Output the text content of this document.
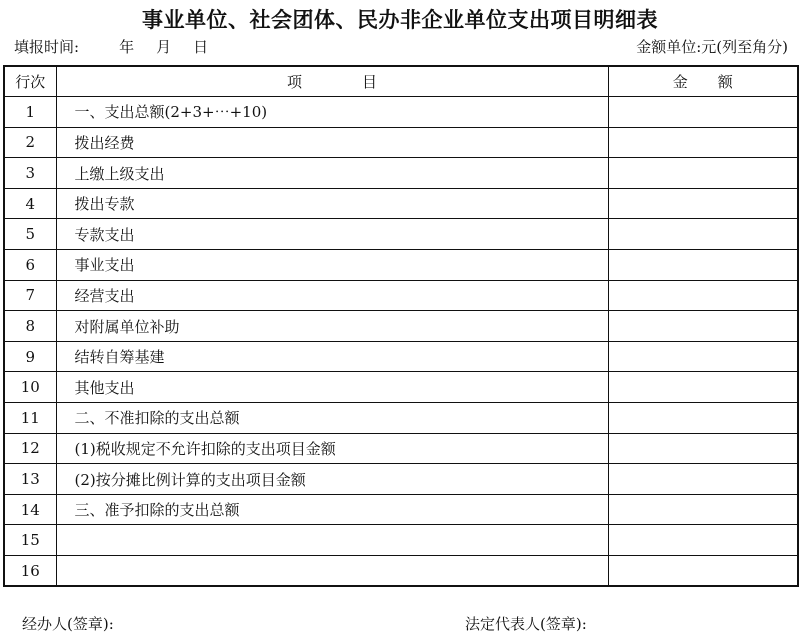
事业单位、社会团体、民办非企业单位支出项目明细表
填报时间:	年 月 日	金额单位:元(列至角分)
行次	项　　　　目	金　　额
1	一、支出总额(2+3+⋯+10)	
2	拨出经费	
3	上缴上级支出	
4	拨出专款	
5	专款支出	
6	事业支出	
7	经营支出	
8	对附属单位补助	
9	结转自筹基建	
10	其他支出	
11	二、不准扣除的支出总额	
12	(1)税收规定不允许扣除的支出项目金额	
13	(2)按分摊比例计算的支出项目金额	
14	三、准予扣除的支出总额	
15		
16		
经办人(签章):	法定代表人(签章):
